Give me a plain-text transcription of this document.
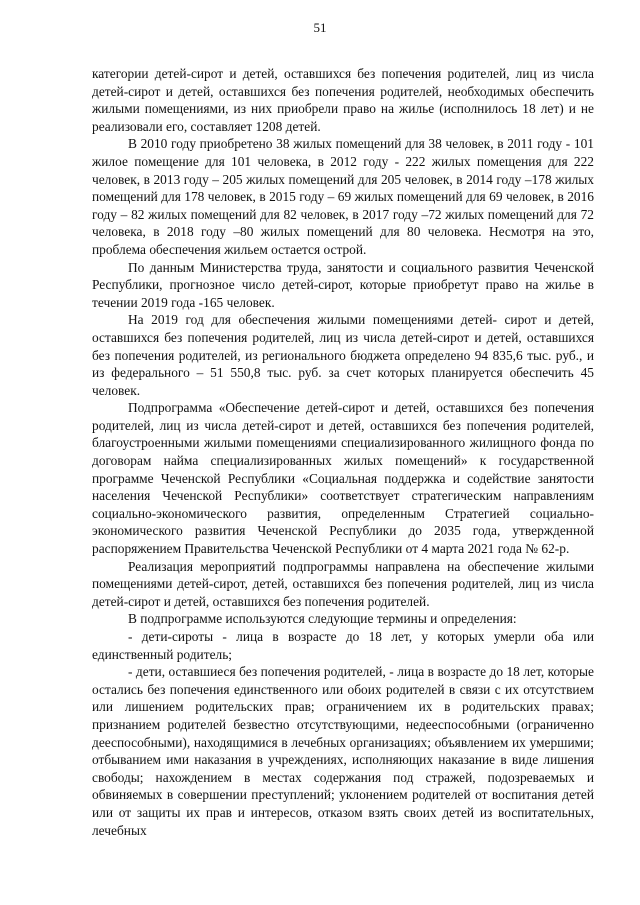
51

категории детей-сирот и детей, оставшихся без попечения родителей, лиц из числа детей-сирот и детей, оставшихся без попечения родителей, необходимых обеспечить жилыми помещениями, из них приобрели право на жилье (исполнилось 18 лет) и не реализовали его, составляет 1208 детей.

В 2010 году приобретено 38 жилых помещений для 38 человек, в 2011 году - 101 жилое помещение для 101 человека, в 2012 году - 222 жилых помещения для 222 человек, в 2013 году – 205 жилых помещений для 205 человек, в 2014 году –178 жилых помещений для 178 человек, в 2015 году – 69 жилых помещений для 69 человек, в 2016 году – 82 жилых помещений для 82 человек, в 2017 году –72 жилых помещений для 72 человека, в 2018 году –80 жилых помещений для 80 человека. Несмотря на это, проблема обеспечения жильем остается острой.

По данным Министерства труда, занятости и социального развития Чеченской Республики, прогнозное число детей-сирот, которые приобретут право на жилье в течении 2019 года -165 человек.

На 2019 год для обеспечения жилыми помещениями детей- сирот и детей, оставшихся без попечения родителей, лиц из числа детей-сирот и детей, оставшихся без попечения родителей, из регионального бюджета определено 94 835,6 тыс. руб., и из федерального – 51 550,8 тыс. руб. за счет которых планируется обеспечить 45 человек.

Подпрограмма «Обеспечение детей-сирот и детей, оставшихся без попечения родителей, лиц из числа детей-сирот и детей, оставшихся без попечения родителей, благоустроенными жилыми помещениями специализированного жилищного фонда по договорам найма специализированных жилых помещений» к государственной программе Чеченской Республики «Социальная поддержка и содействие занятости населения Чеченской Республики» соответствует стратегическим направлениям социально-экономического развития, определенным Стратегией социально-экономического развития Чеченской Республики до 2035 года, утвержденной распоряжением Правительства Чеченской Республики от 4 марта 2021 года № 62-р.

Реализация мероприятий подпрограммы направлена на обеспечение жилыми помещениями детей-сирот, детей, оставшихся без попечения родителей, лиц из числа детей-сирот и детей, оставшихся без попечения родителей.

В подпрограмме используются следующие термины и определения:

- дети-сироты - лица в возрасте до 18 лет, у которых умерли оба или единственный родитель;

- дети, оставшиеся без попечения родителей, - лица в возрасте до 18 лет, которые остались без попечения единственного или обоих родителей в связи с их отсутствием или лишением родительских прав; ограничением их в родительских правах; признанием родителей безвестно отсутствующими, недееспособными (ограниченно дееспособными), находящимися в лечебных организациях; объявлением их умершими; отбыванием ими наказания в учреждениях, исполняющих наказание в виде лишения свободы; нахождением в местах содержания под стражей, подозреваемых и обвиняемых в совершении преступлений; уклонением родителей от воспитания детей или от защиты их прав и интересов, отказом взять своих детей из воспитательных, лечебных
